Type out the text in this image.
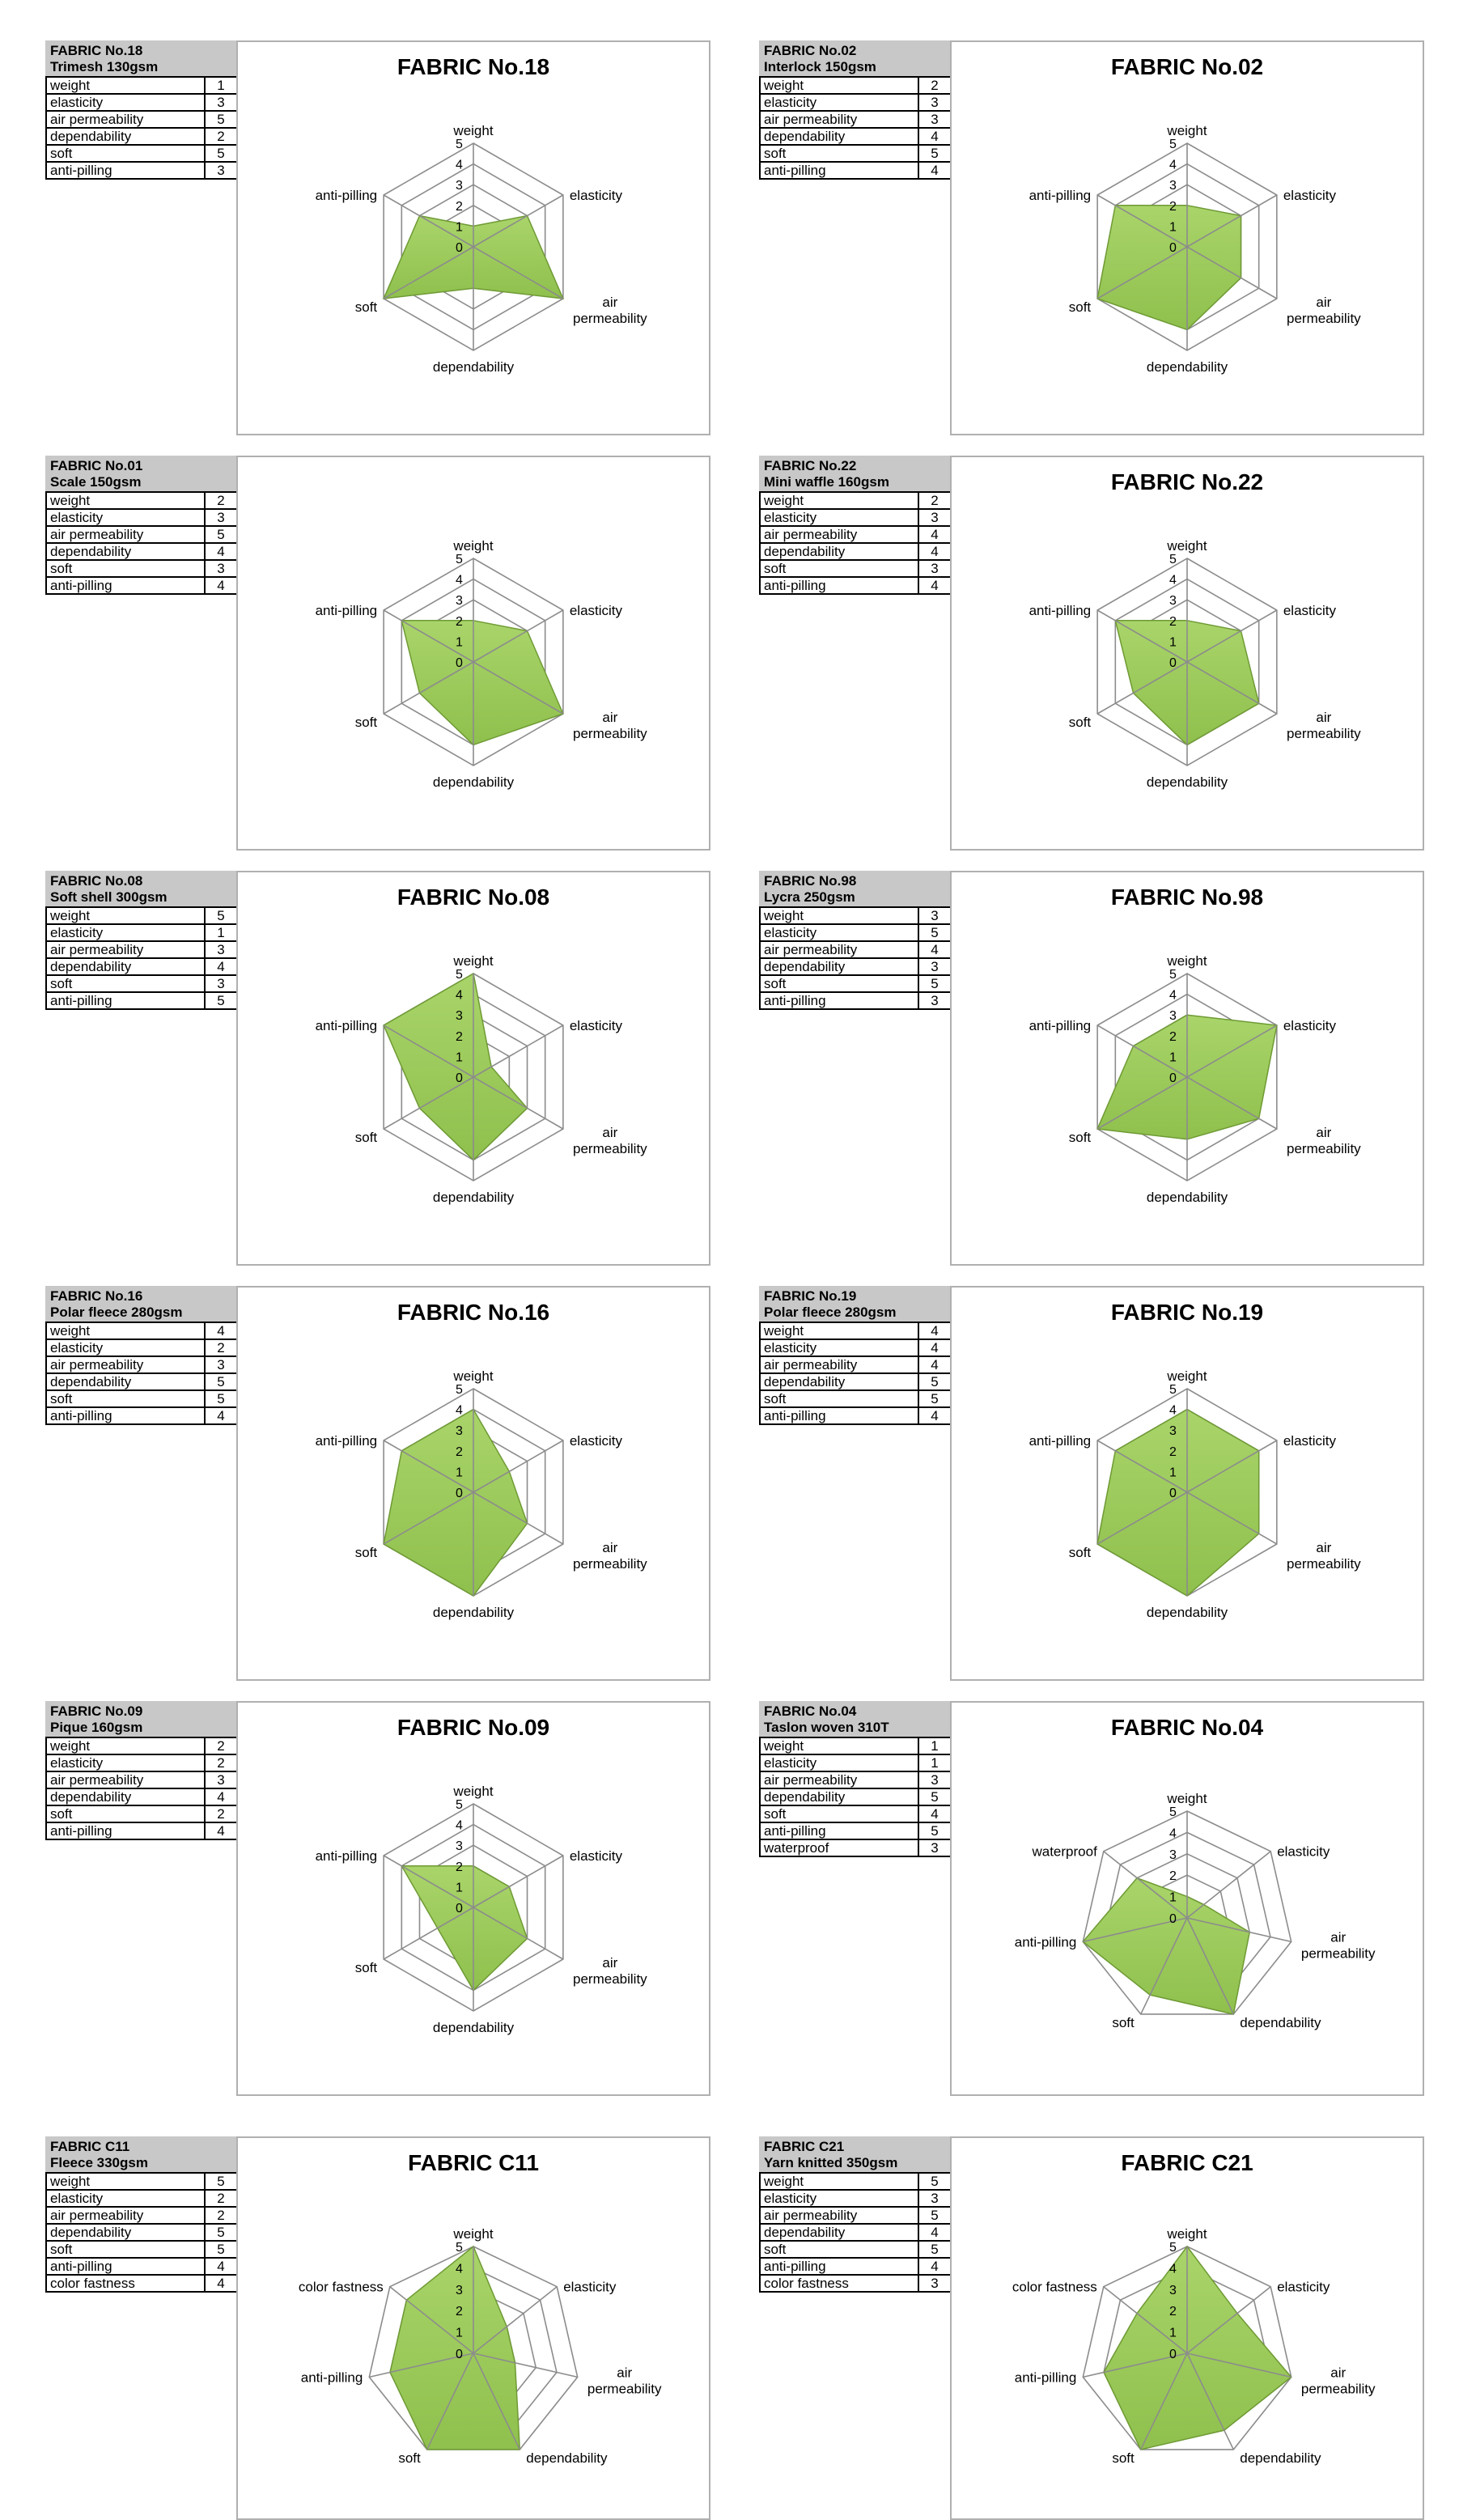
FABRIC No.18
Trimesh 130gsm
weight	1
elasticity	3
air permeability	5
dependability	2
soft	5
anti-pilling	3
FABRIC No.18
0
1
2
3
4
5
weight
elasticity
air permeability
dependability
soft
anti-pilling
FABRIC No.02
Interlock 150gsm
weight	2
elasticity	3
air permeability	3
dependability	4
soft	5
anti-pilling	4
FABRIC No.02
0
1
2
3
4
5
weight
elasticity
air permeability
dependability
soft
anti-pilling
FABRIC No.01
Scale 150gsm
weight	2
elasticity	3
air permeability	5
dependability	4
soft	3
anti-pilling	4
0
1
2
3
4
5
weight
elasticity
air permeability
dependability
soft
anti-pilling
FABRIC No.22
Mini waffle 160gsm
weight	2
elasticity	3
air permeability	4
dependability	4
soft	3
anti-pilling	4
FABRIC No.22
0
1
2
3
4
5
weight
elasticity
air permeability
dependability
soft
anti-pilling
FABRIC No.08
Soft shell 300gsm
weight	5
elasticity	1
air permeability	3
dependability	4
soft	3
anti-pilling	5
FABRIC No.08
0
1
2
3
4
5
weight
elasticity
air permeability
dependability
soft
anti-pilling
FABRIC No.98
Lycra 250gsm
weight	3
elasticity	5
air permeability	4
dependability	3
soft	5
anti-pilling	3
FABRIC No.98
0
1
2
3
4
5
weight
elasticity
air permeability
dependability
soft
anti-pilling
FABRIC No.16
Polar fleece 280gsm
weight	4
elasticity	2
air permeability	3
dependability	5
soft	5
anti-pilling	4
FABRIC No.16
0
1
2
3
4
5
weight
elasticity
air permeability
dependability
soft
anti-pilling
FABRIC No.19
Polar fleece 280gsm
weight	4
elasticity	4
air permeability	4
dependability	5
soft	5
anti-pilling	4
FABRIC No.19
0
1
2
3
4
5
weight
elasticity
air permeability
dependability
soft
anti-pilling
FABRIC No.09
Pique 160gsm
weight	2
elasticity	2
air permeability	3
dependability	4
soft	2
anti-pilling	4
FABRIC No.09
0
1
2
3
4
5
weight
elasticity
air permeability
dependability
soft
anti-pilling
FABRIC No.04
Taslon woven 310T
weight	1
elasticity	1
air permeability	3
dependability	5
soft	4
anti-pilling	5
waterproof	3
FABRIC No.04
0
1
2
3
4
5
weight
elasticity
air permeability
dependability
soft
anti-pilling
waterproof
FABRIC C11
Fleece 330gsm
weight	5
elasticity	2
air permeability	2
dependability	5
soft	5
anti-pilling	4
color fastness	4
FABRIC C11
0
1
2
3
4
5
weight
elasticity
air permeability
dependability
soft
anti-pilling
color fastness
FABRIC C21
Yarn knitted 350gsm
weight	5
elasticity	3
air permeability	5
dependability	4
soft	5
anti-pilling	4
color fastness	3
FABRIC C21
0
1
2
3
4
5
weight
elasticity
air permeability
dependability
soft
anti-pilling
color fastness
